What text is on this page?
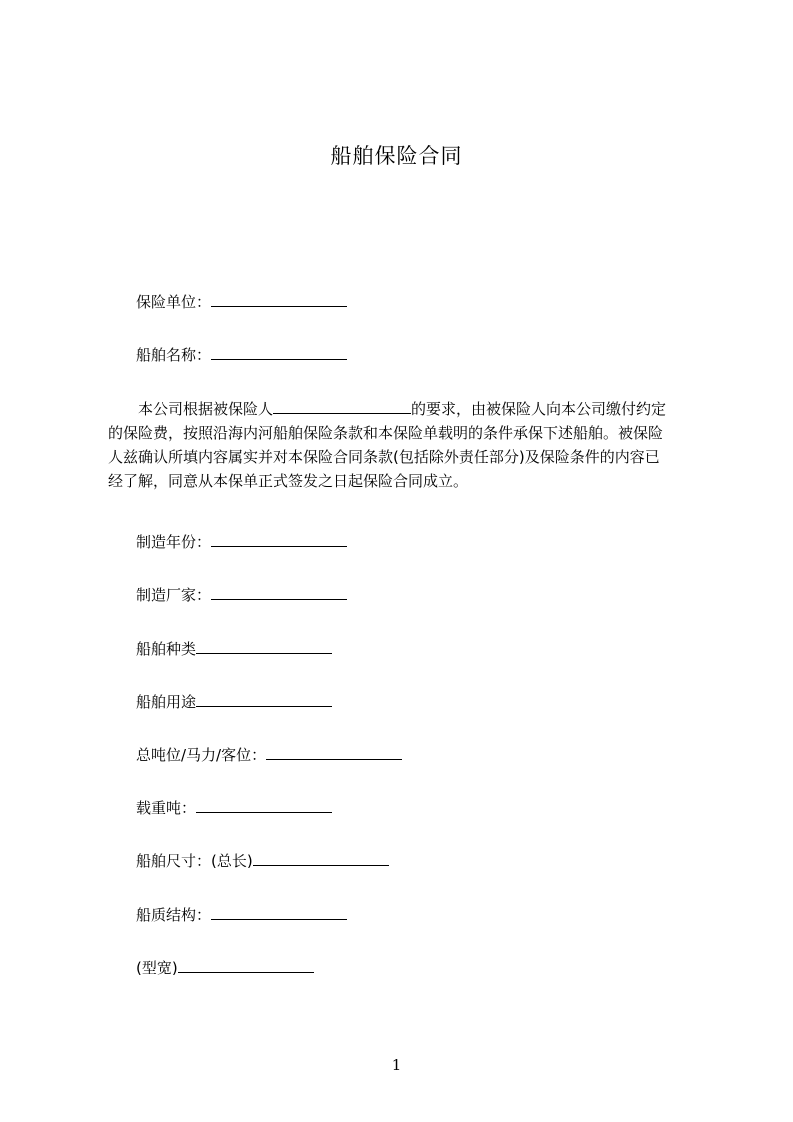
船舶保险合同
保险单位：
船舶名称：
本公司根据被保险人	的要求，由被保险人向本公司缴付约定
的保险费，按照沿海内河船舶保险条款和本保险单载明的条件承保下述船舶。被保险
人兹确认所填内容属实并对本保险合同条款(包括除外责任部分)及保险条件的内容已
经了解，同意从本保单正式签发之日起保险合同成立。
制造年份：
制造厂家：
船舶种类
船舶用途
总吨位/马力/客位：
载重吨：
船舶尺寸：(总长)
船质结构：
(型宽)
1
